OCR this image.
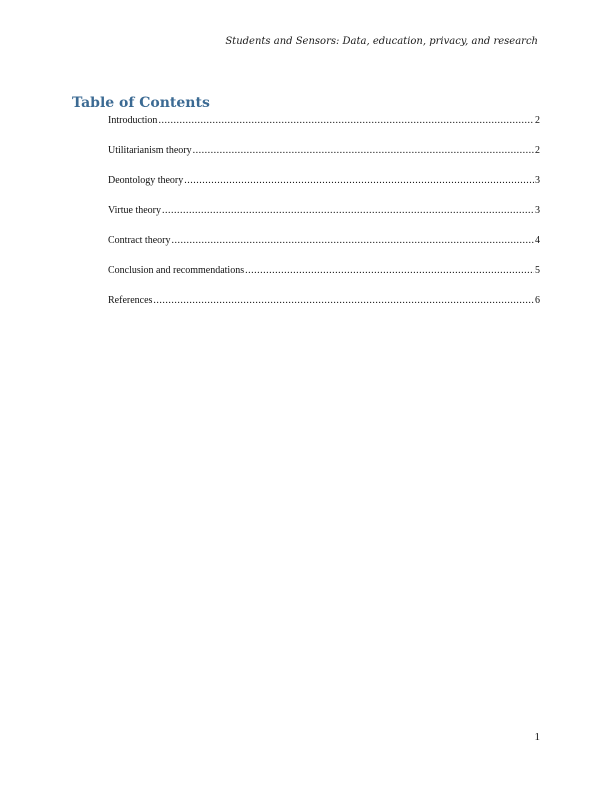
Students and Sensors: Data, education, privacy, and research
Table of Contents
Introduction .....	2
Utilitarianism theory .....	2
Deontology theory .....	3
Virtue theory .....	3
Contract theory .....	4
Conclusion and recommendations .....	5
References .....	6
1
